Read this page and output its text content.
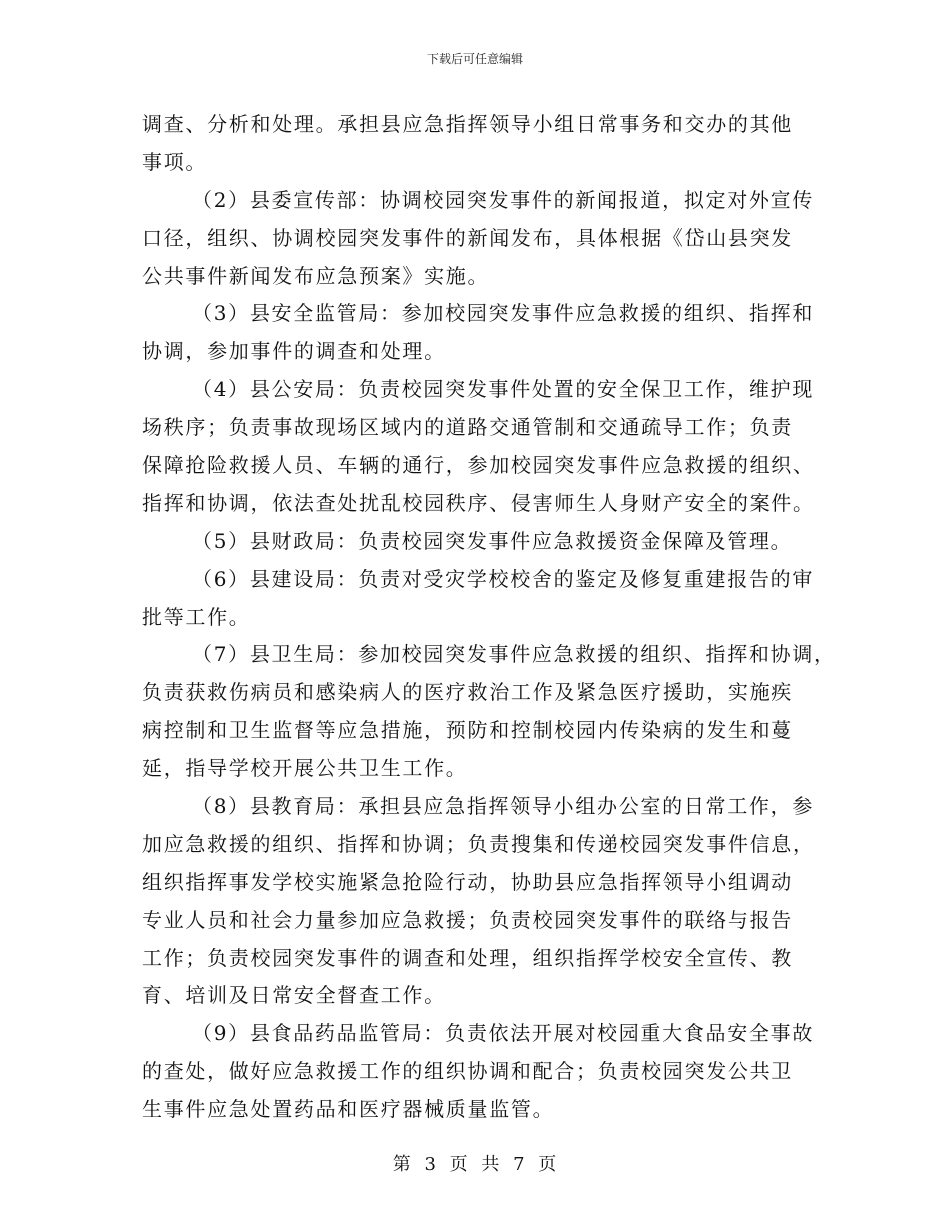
下载后可任意编辑
调查、分析和处理。承担县应急指挥领导小组日常事务和交办的其他
事项。
（2）县委宣传部：协调校园突发事件的新闻报道，拟定对外宣传
口径，组织、协调校园突发事件的新闻发布，具体根据《岱山县突发
公共事件新闻发布应急预案》实施。
（3）县安全监管局：参加校园突发事件应急救援的组织、指挥和
协调，参加事件的调查和处理。
（4）县公安局：负责校园突发事件处置的安全保卫工作，维护现
场秩序；负责事故现场区域内的道路交通管制和交通疏导工作；负责
保障抢险救援人员、车辆的通行，参加校园突发事件应急救援的组织、
指挥和协调，依法查处扰乱校园秩序、侵害师生人身财产安全的案件。
（5）县财政局：负责校园突发事件应急救援资金保障及管理。
（6）县建设局：负责对受灾学校校舍的鉴定及修复重建报告的审
批等工作。
（7）县卫生局：参加校园突发事件应急救援的组织、指挥和协调，
负责获救伤病员和感染病人的医疗救治工作及紧急医疗援助，实施疾
病控制和卫生监督等应急措施，预防和控制校园内传染病的发生和蔓
延，指导学校开展公共卫生工作。
（8）县教育局：承担县应急指挥领导小组办公室的日常工作，参
加应急救援的组织、指挥和协调；负责搜集和传递校园突发事件信息，
组织指挥事发学校实施紧急抢险行动，协助县应急指挥领导小组调动
专业人员和社会力量参加应急救援；负责校园突发事件的联络与报告
工作；负责校园突发事件的调查和处理，组织指挥学校安全宣传、教
育、培训及日常安全督查工作。
（9）县食品药品监管局：负责依法开展对校园重大食品安全事故
的查处，做好应急救援工作的组织协调和配合；负责校园突发公共卫
生事件应急处置药品和医疗器械质量监管。
第 3 页 共 7 页
